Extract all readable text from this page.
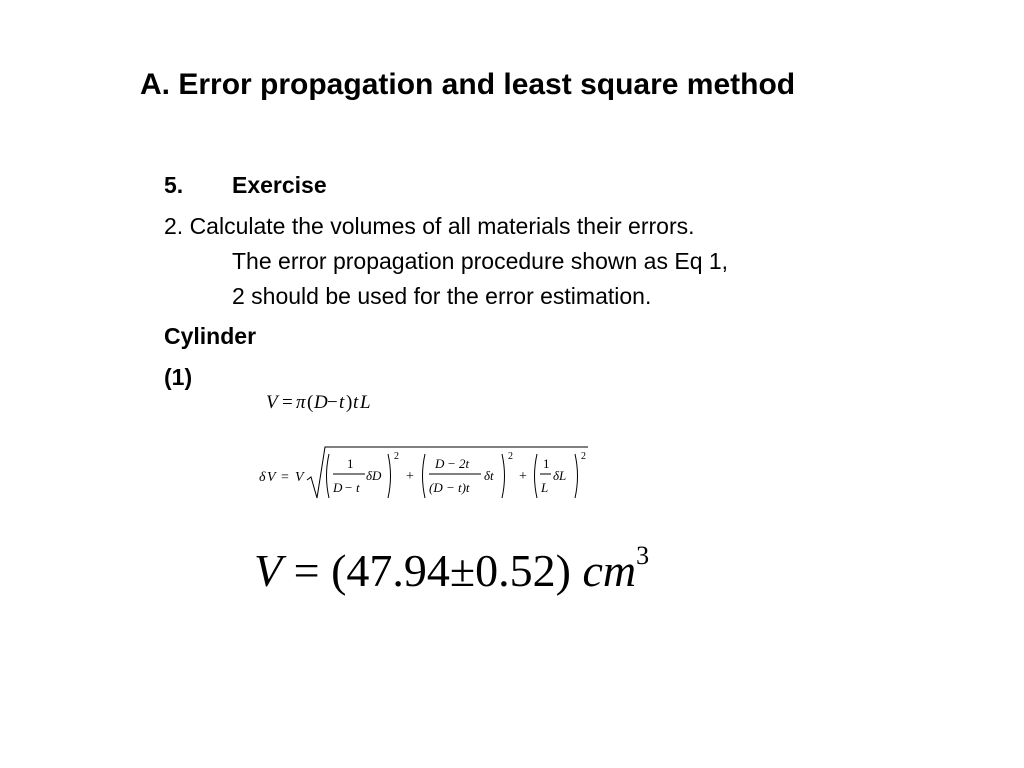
A. Error propagation and least square method
5. Exercise
2. Calculate the volumes of all materials their errors.
The error propagation procedure shown as Eq 1,
2 should be used for the error estimation.
Cylinder
(1)
V = π ( D − t ) t L
δ V = V
1
D − t
δD
2
+
D − 2t
(D − t)t
δt
2
+
1
L
δL
2
V = (47.94±0.52) $cm^3$
